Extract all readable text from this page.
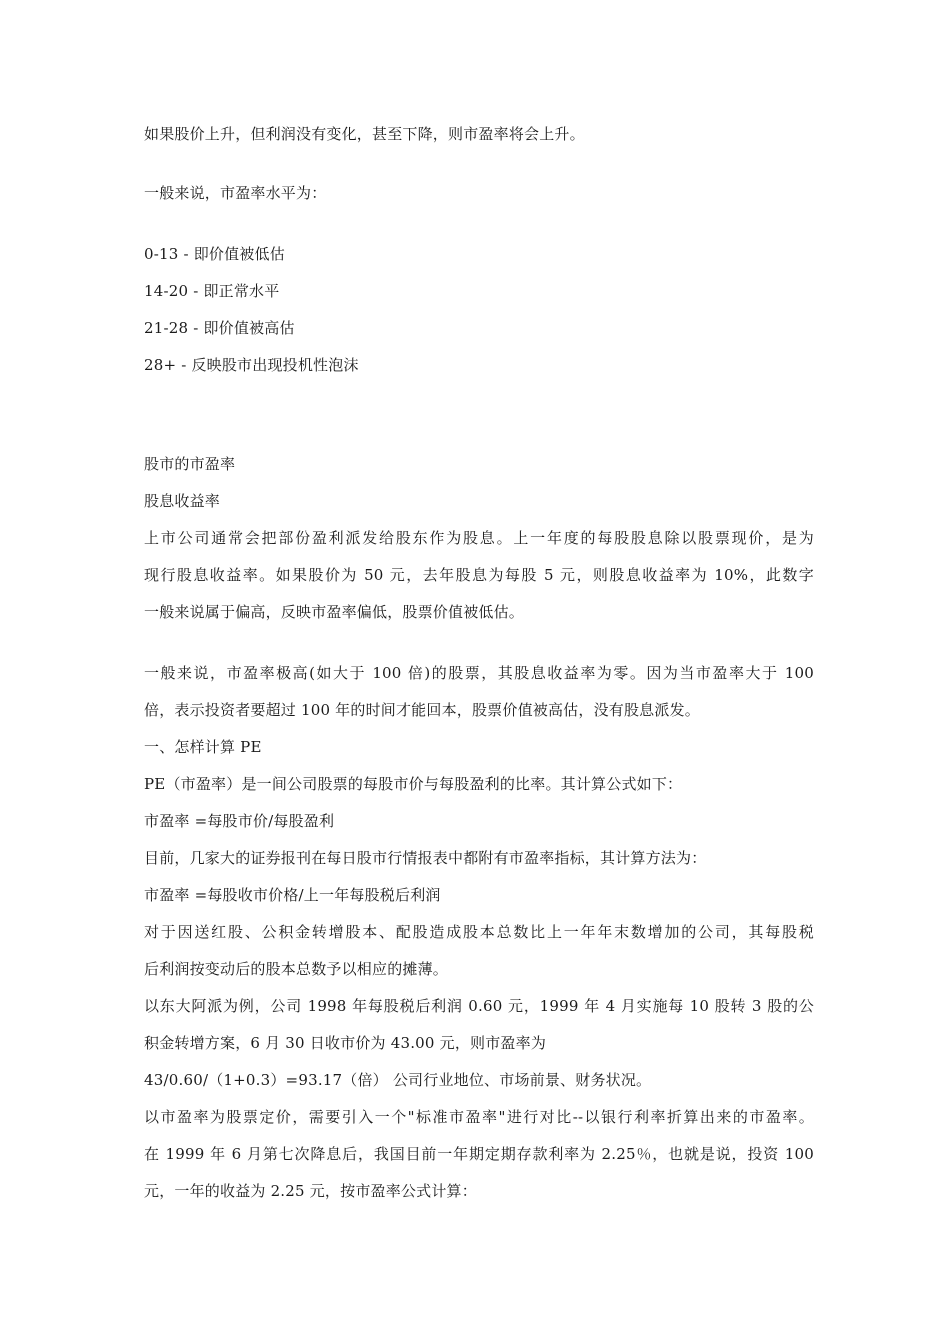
如果股价上升，但利润没有变化，甚至下降，则市盈率将会上升。
一般来说，市盈率水平为：
0-13 - 即价值被低估
14-20 - 即正常水平
21-28 - 即价值被高估
28+ - 反映股市出现投机性泡沫
股市的市盈率
股息收益率
上市公司通常会把部份盈利派发给股东作为股息。上一年度的每股股息除以股票现价，是为
现行股息收益率。如果股价为 50 元，去年股息为每股 5 元，则股息收益率为 10%，此数字
一般来说属于偏高，反映市盈率偏低，股票价值被低估。
一般来说，市盈率极高(如大于 100 倍)的股票，其股息收益率为零。因为当市盈率大于 100
倍，表示投资者要超过 100 年的时间才能回本，股票价值被高估，没有股息派发。
一、怎样计算 PE
PE（市盈率）是一间公司股票的每股市价与每股盈利的比率。其计算公式如下：
市盈率 =每股市价/每股盈利
目前，几家大的证券报刊在每日股市行情报表中都附有市盈率指标，其计算方法为：
市盈率 =每股收市价格/上一年每股税后利润
对于因送红股、公积金转增股本、配股造成股本总数比上一年年末数增加的公司，其每股税
后利润按变动后的股本总数予以相应的摊薄。
以东大阿派为例，公司 1998 年每股税后利润 0.60 元，1999 年 4 月实施每 10 股转 3 股的公
积金转增方案，6 月 30 日收市价为 43.00 元，则市盈率为
43/0.60/（1+0.3）=93.17（倍） 公司行业地位、市场前景、财务状况。
以市盈率为股票定价，需要引入一个"标准市盈率"进行对比--以银行利率折算出来的市盈率。
在 1999 年 6 月第七次降息后，我国目前一年期定期存款利率为 2.25％，也就是说，投资 100
元，一年的收益为 2.25 元，按市盈率公式计算：
